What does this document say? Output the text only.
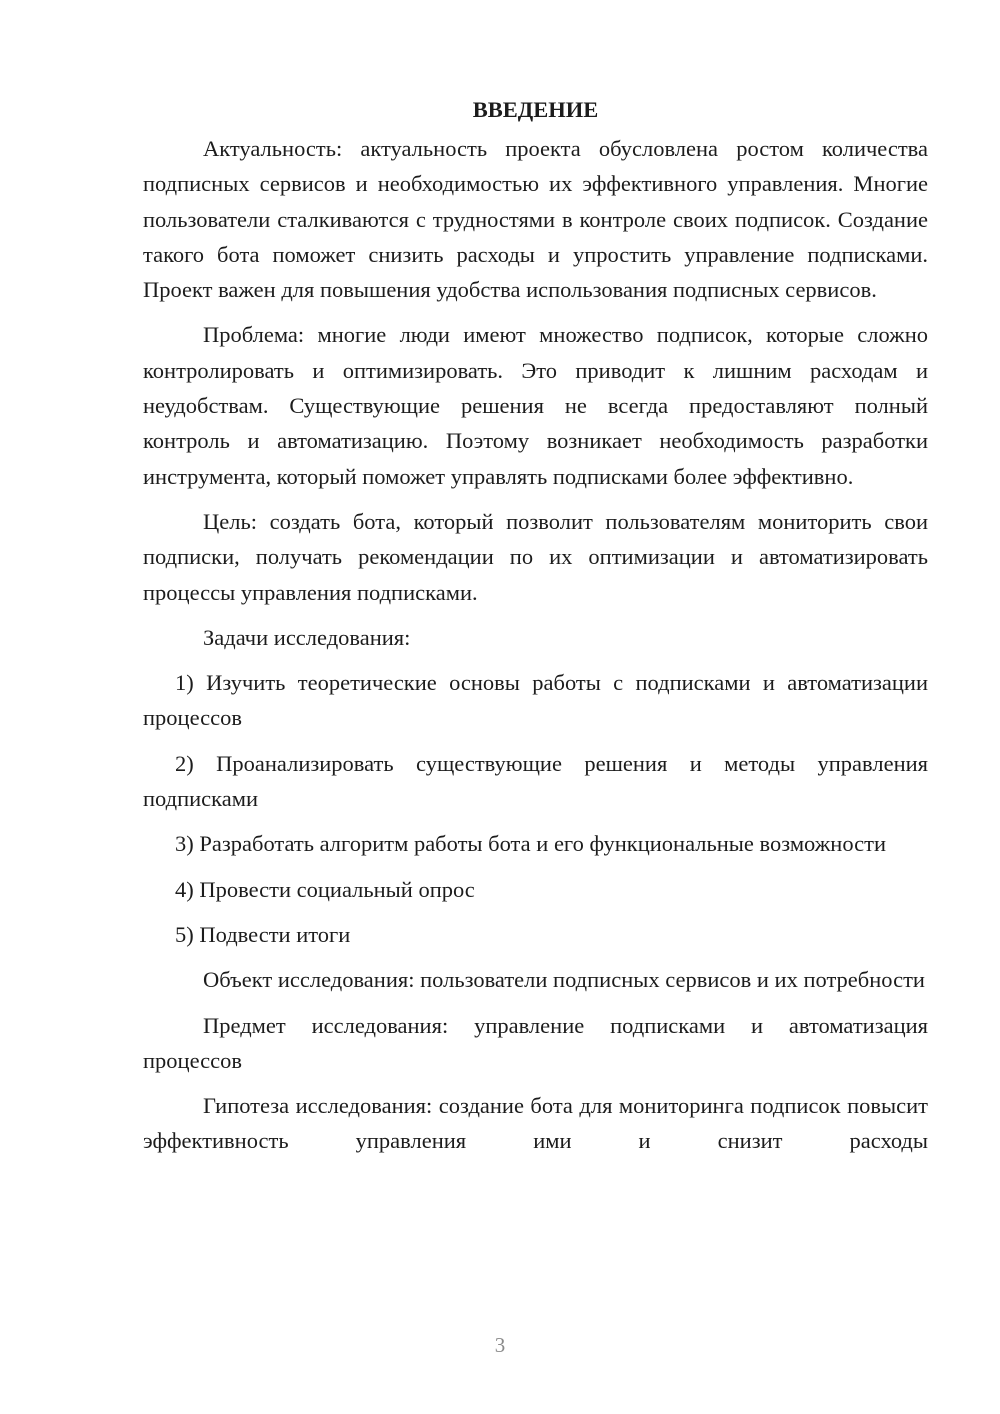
ВВЕДЕНИЕ

Актуальность: актуальность проекта обусловлена ростом количества подписных сервисов и необходимостью их эффективного управления. Многие пользователи сталкиваются с трудностями в контроле своих подписок. Создание такого бота поможет снизить расходы и упростить управление подписками. Проект важен для повышения удобства использования подписных сервисов.

Проблема: многие люди имеют множество подписок, которые сложно контролировать и оптимизировать. Это приводит к лишним расходам и неудобствам. Существующие решения не всегда предоставляют полный контроль и автоматизацию. Поэтому возникает необходимость разработки инструмента, который поможет управлять подписками более эффективно.

Цель: создать бота, который позволит пользователям мониторить свои подписки, получать рекомендации по их оптимизации и автоматизировать процессы управления подписками.

Задачи исследования:

1) Изучить теоретические основы работы с подписками и автоматизации процессов

2) Проанализировать существующие решения и методы управления подписками

3) Разработать алгоритм работы бота и его функциональные возможности

4) Провести социальный опрос

5) Подвести итоги

Объект исследования: пользователи подписных сервисов и их потребности

Предмет исследования: управление подписками и автоматизация процессов

Гипотеза исследования: создание бота для мониторинга подписок повысит эффективность управления ими и снизит расходы

3
